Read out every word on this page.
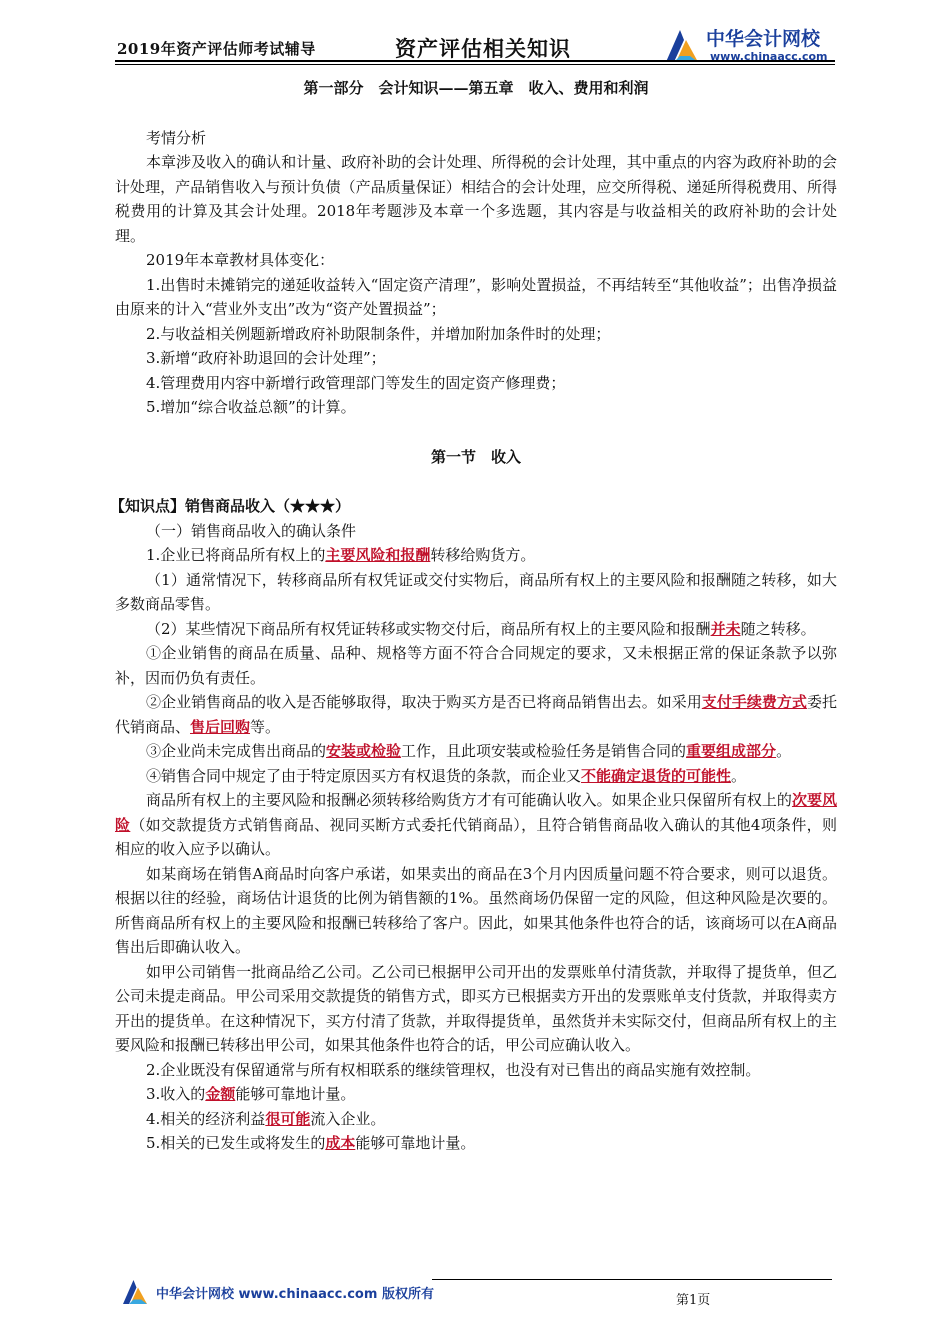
2019年资产评估师考试辅导	资产评估相关知识	中华会计网校
www.chinaacc.com

第一部分　会计知识——第五章　收入、费用和利润

考情分析

本章涉及收入的确认和计量、政府补助的会计处理、所得税的会计处理，其中重点的内容为政府补助的会计处理，产品销售收入与预计负债（产品质量保证）相结合的会计处理，应交所得税、递延所得税费用、所得税费用的计算及其会计处理。2018年考题涉及本章一个多选题，其内容是与收益相关的政府补助的会计处理。

2019年本章教材具体变化：

1.出售时未摊销完的递延收益转入“固定资产清理”，影响处置损益，不再结转至“其他收益”；出售净损益由原来的计入“营业外支出”改为“资产处置损益”；

2.与收益相关例题新增政府补助限制条件，并增加附加条件时的处理；

3.新增“政府补助退回的会计处理”；

4.管理费用内容中新增行政管理部门等发生的固定资产修理费；

5.增加“综合收益总额”的计算。

第一节　收入

【知识点】销售商品收入（★★★）

（一）销售商品收入的确认条件

1.企业已将商品所有权上的主要风险和报酬转移给购货方。

（1）通常情况下，转移商品所有权凭证或交付实物后，商品所有权上的主要风险和报酬随之转移，如大多数商品零售。

（2）某些情况下商品所有权凭证转移或实物交付后，商品所有权上的主要风险和报酬并未随之转移。

①企业销售的商品在质量、品种、规格等方面不符合合同规定的要求，又未根据正常的保证条款予以弥补，因而仍负有责任。

②企业销售商品的收入是否能够取得，取决于购买方是否已将商品销售出去。如采用支付手续费方式委托代销商品、售后回购等。

③企业尚未完成售出商品的安装或检验工作，且此项安装或检验任务是销售合同的重要组成部分。

④销售合同中规定了由于特定原因买方有权退货的条款，而企业又不能确定退货的可能性。

商品所有权上的主要风险和报酬必须转移给购货方才有可能确认收入。如果企业只保留所有权上的次要风险（如交款提货方式销售商品、视同买断方式委托代销商品），且符合销售商品收入确认的其他4项条件，则相应的收入应予以确认。

如某商场在销售A商品时向客户承诺，如果卖出的商品在3个月内因质量问题不符合要求，则可以退货。根据以往的经验，商场估计退货的比例为销售额的1%。虽然商场仍保留一定的风险，但这种风险是次要的。所售商品所有权上的主要风险和报酬已转移给了客户。因此，如果其他条件也符合的话，该商场可以在A商品售出后即确认收入。

如甲公司销售一批商品给乙公司。乙公司已根据甲公司开出的发票账单付清货款，并取得了提货单，但乙公司未提走商品。甲公司采用交款提货的销售方式，即买方已根据卖方开出的发票账单支付货款，并取得卖方开出的提货单。在这种情况下，买方付清了货款，并取得提货单，虽然货并未实际交付，但商品所有权上的主要风险和报酬已转移出甲公司，如果其他条件也符合的话，甲公司应确认收入。

2.企业既没有保留通常与所有权相联系的继续管理权，也没有对已售出的商品实施有效控制。

3.收入的金额能够可靠地计量。

4.相关的经济利益很可能流入企业。

5.相关的已发生或将发生的成本能够可靠地计量。

中华会计网校 www.chinaacc.com 版权所有	第1页
